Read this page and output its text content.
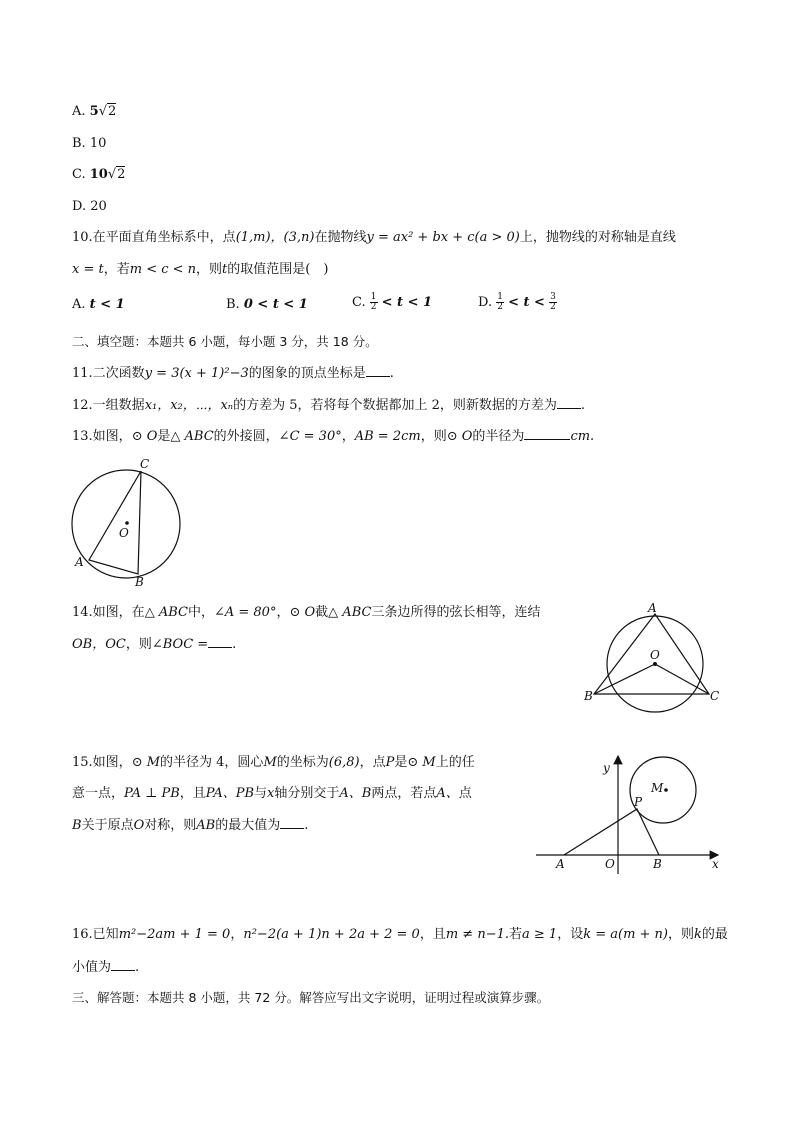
A. 5√2
B. 10
C. 10√2
D. 20
10.在平面直角坐标系中，点(1,m)，(3,n)在抛物线y = ax² + bx + c(a > 0)上，抛物线的对称轴是直线
x = t，若m < c < n，则t的取值范围是(　)
A. t < 1	B. 0 < t < 1	C. $\frac{1}{2} < t < 1$	D. $\frac{1}{2} < t < \frac{3}{2}$
二、填空题：本题共 6 小题，每小题 3 分，共 18 分。
11.二次函数y = 3(x + 1)²−3的图象的顶点坐标是 .
12.一组数据x₁，x₂，⋯，xₙ的方差为 5，若将每个数据都加上 2，则新数据的方差为 .
13.如图，⊙ O是△ ABC的外接圆，∠C = 30°，AB = 2cm，则⊙ O的半径为	cm.
C
O
A
B
14.如图，在△ ABC中，∠A = 80°，⊙ O截△ ABC三条边所得的弦长相等，连结
OB，OC，则∠BOC = .
A
O
B	C
15.如图，⊙ M的半径为 4，圆心M的坐标为(6,8)，点P是⊙ M上的任
意一点，PA ⊥ PB，且PA、PB与x轴分别交于A、B两点，若点A、点
B关于原点O对称，则AB的最大值为 .
y
x
M
P
A	O	B
16.已知m²−2am + 1 = 0，n²−2(a + 1)n + 2a + 2 = 0，且m ≠ n−1.若a ≥ 1，设k = a(m + n)，则k的最
小值为 .
三、解答题：本题共 8 小题，共 72 分。解答应写出文字说明，证明过程或演算步骤。
